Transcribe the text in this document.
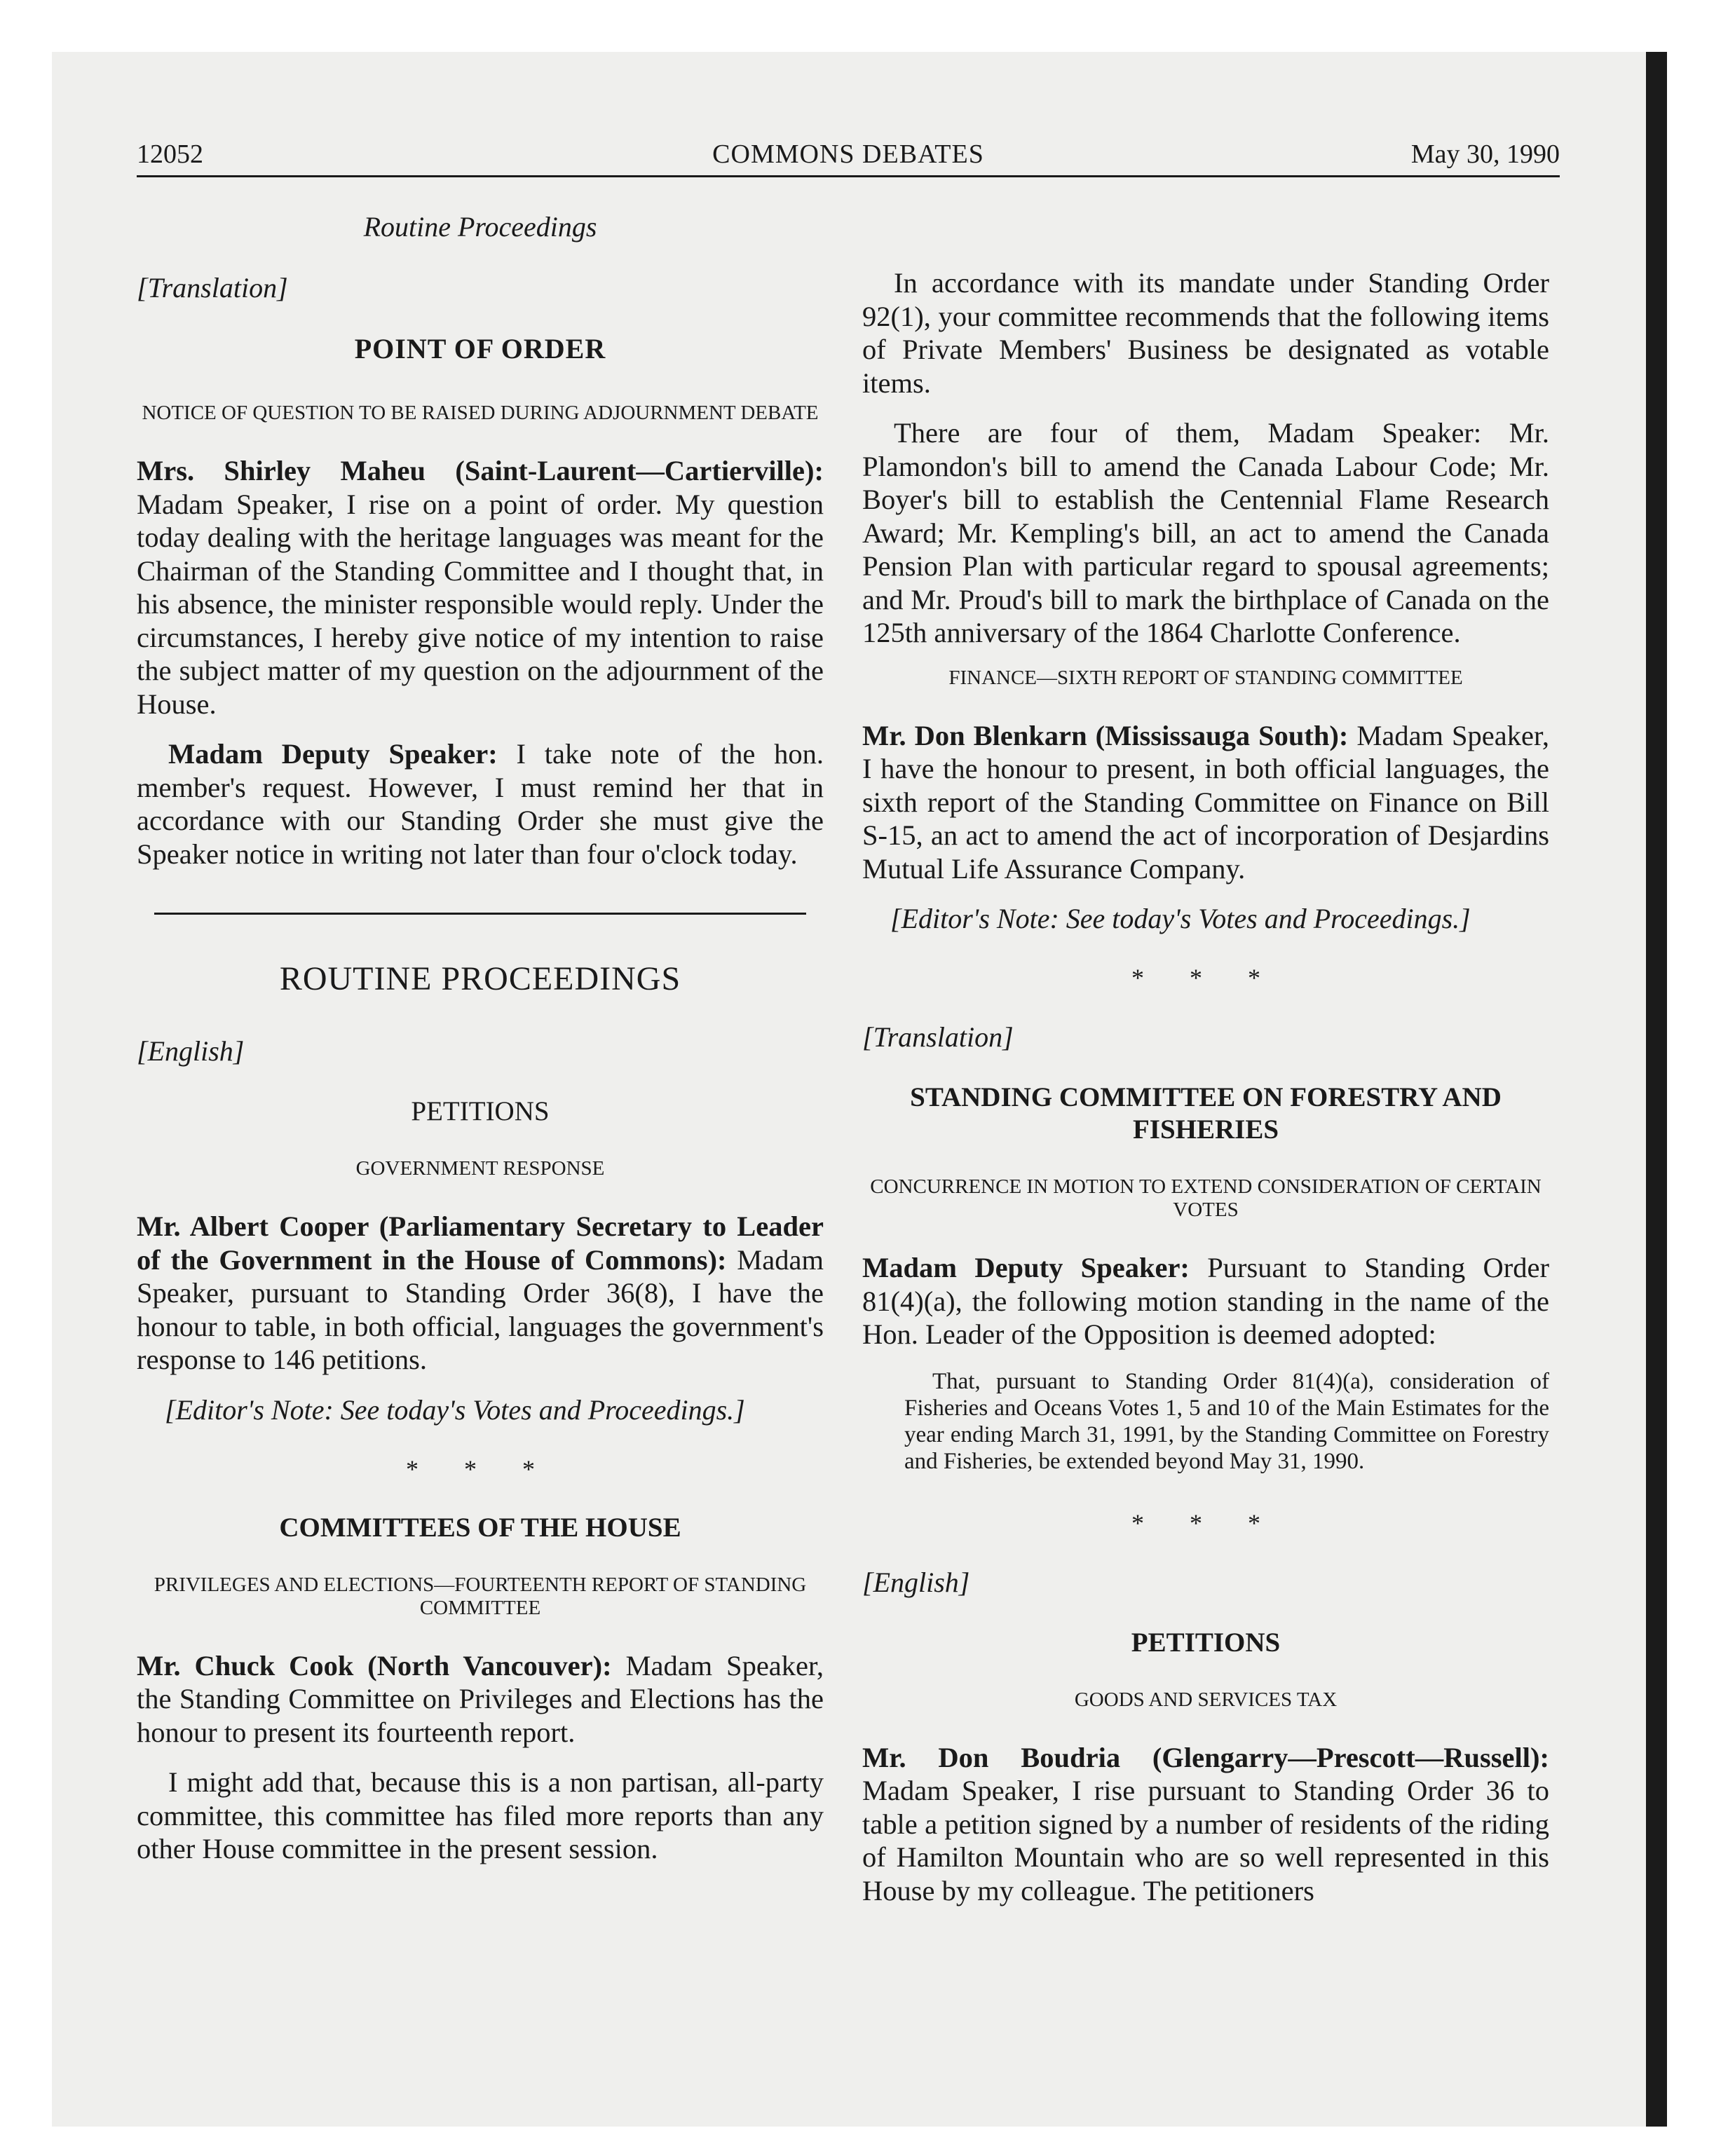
12052	COMMONS DEBATES	May 30, 1990

Routine Proceedings

[Translation]

POINT OF ORDER

NOTICE OF QUESTION TO BE RAISED DURING ADJOURNMENT DEBATE

Mrs. Shirley Maheu (Saint-Laurent—Cartierville): Madam Speaker, I rise on a point of order. My question today dealing with the heritage languages was meant for the Chairman of the Standing Committee and I thought that, in his absence, the minister responsible would reply. Under the circumstances, I hereby give notice of my intention to raise the subject matter of my question on the adjournment of the House.

Madam Deputy Speaker: I take note of the hon. member's request. However, I must remind her that in accordance with our Standing Order she must give the Speaker notice in writing not later than four o'clock today.

ROUTINE PROCEEDINGS

[English]

PETITIONS

GOVERNMENT RESPONSE

Mr. Albert Cooper (Parliamentary Secretary to Leader of the Government in the House of Commons): Madam Speaker, pursuant to Standing Order 36(8), I have the honour to table, in both official, languages the government's response to 146 petitions.

[Editor's Note: See today's Votes and Proceedings.]

* * *

COMMITTEES OF THE HOUSE

PRIVILEGES AND ELECTIONS—FOURTEENTH REPORT OF STANDING COMMITTEE

Mr. Chuck Cook (North Vancouver): Madam Speaker, the Standing Committee on Privileges and Elections has the honour to present its fourteenth report.

I might add that, because this is a non partisan, all-party committee, this committee has filed more reports than any other House committee in the present session.

In accordance with its mandate under Standing Order 92(1), your committee recommends that the following items of Private Members' Business be designated as votable items.

There are four of them, Madam Speaker: Mr. Plamondon's bill to amend the Canada Labour Code; Mr. Boyer's bill to establish the Centennial Flame Research Award; Mr. Kempling's bill, an act to amend the Canada Pension Plan with particular regard to spousal agreements; and Mr. Proud's bill to mark the birthplace of Canada on the 125th anniversary of the 1864 Charlotte Conference.

FINANCE—SIXTH REPORT OF STANDING COMMITTEE

Mr. Don Blenkarn (Mississauga South): Madam Speaker, I have the honour to present, in both official languages, the sixth report of the Standing Committee on Finance on Bill S-15, an act to amend the act of incorporation of Desjardins Mutual Life Assurance Company.

[Editor's Note: See today's Votes and Proceedings.]

* * *

[Translation]

STANDING COMMITTEE ON FORESTRY AND FISHERIES

CONCURRENCE IN MOTION TO EXTEND CONSIDERATION OF CERTAIN VOTES

Madam Deputy Speaker: Pursuant to Standing Order 81(4)(a), the following motion standing in the name of the Hon. Leader of the Opposition is deemed adopted:

That, pursuant to Standing Order 81(4)(a), consideration of Fisheries and Oceans Votes 1, 5 and 10 of the Main Estimates for the year ending March 31, 1991, by the Standing Committee on Forestry and Fisheries, be extended beyond May 31, 1990.

* * *

[English]

PETITIONS

GOODS AND SERVICES TAX

Mr. Don Boudria (Glengarry—Prescott—Russell): Madam Speaker, I rise pursuant to Standing Order 36 to table a petition signed by a number of residents of the riding of Hamilton Mountain who are so well represented in this House by my colleague. The petitioners
